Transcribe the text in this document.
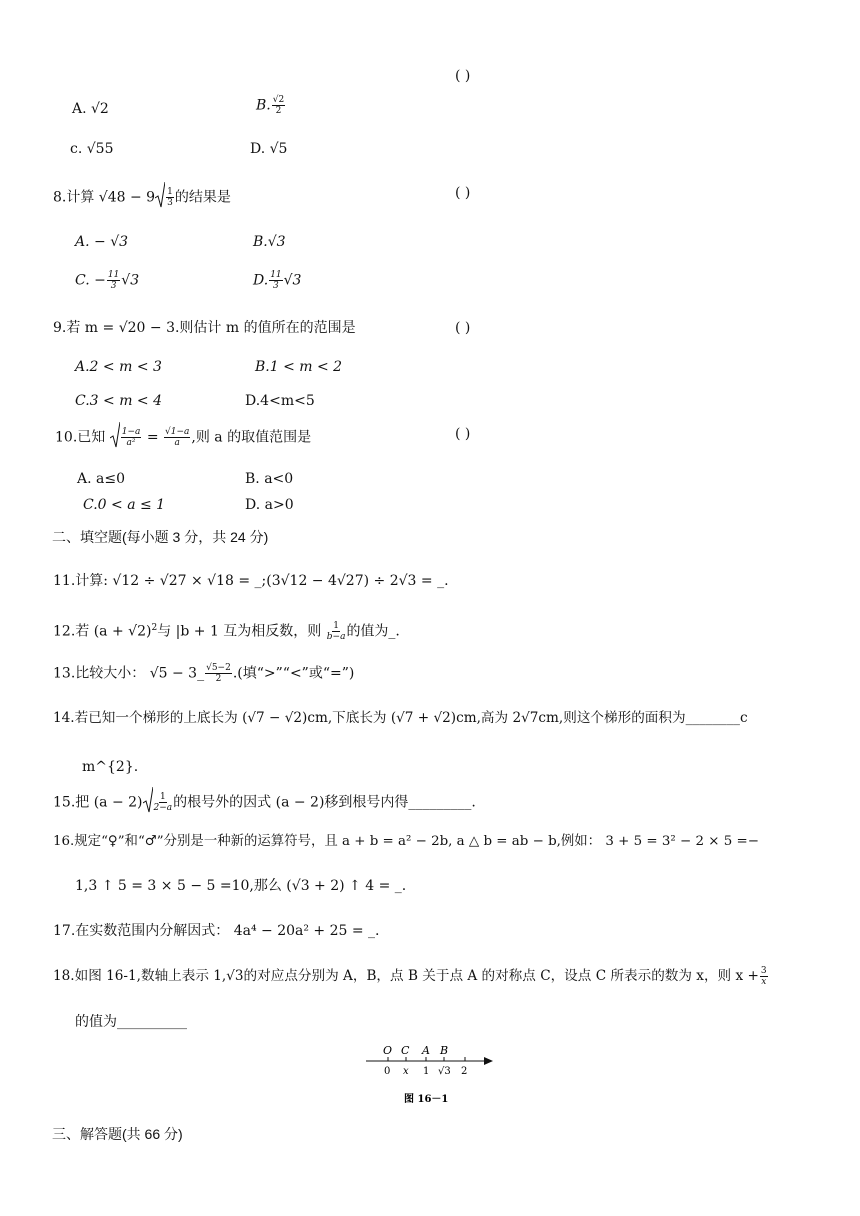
( )
A. √2	B. $\frac{√2}{2}$
c. √55	D. √5
8.计算 $√48 - 9 \frac{1}{3}$ 的结果是	( )
A. − √3	B.√3
C. − $\frac{11}{3} √3$	D. $\frac{11}{3} √3$
9.若 m = √20 − 3.则估计 m 的值所在的范围是	( )
A.2 < m < 3	B.1 < m < 2
C.3 < m < 4	D.4<m<5
10.已知 $\frac{1-a}{\text{a²}} = \frac{√1-a}{a}$ ,则 a 的取值范围是	( )
A. a≤0	B. a<0
C.0 < a ≤ 1	D. a>0
二、填空题(每小题 3 分，共 24 分)
11.计算: √12 ÷ √27 × √18 = _;(3√12 − 4√27) ÷ 2√3 = _.
12.若 $(a + √2)^2$与 |b + 1 互为相反数，则 $\frac{1}{b-a}$ 的值为_.
13.比较大小： √5 − 3_ $\frac{√5-2}{2}$ .(填“>”“<”或“=”)
14.若已知一个梯形的上底长为 (√7 − √2)cm,下底长为 (√7 + √2)cm,高为 2√7cm,则这个梯形的面积为________c
m^{2}.
15.把 $(a - 2) \frac{1}{2-a}$ 的根号外的因式 (a − 2)移到根号内得_________.
16.规定“♀”和“♂”分别是一种新的运算符号，且 a + b = a² − 2b, a △ b = ab − b,例如： 3 + 5 = 3² − 2 × 5 =−
1,3 ↑ 5 = 3 × 5 − 5 =10,那么 (√3 + 2) ↑ 4 = _.
17.在实数范围内分解因式： 4a⁴ − 20a² + 25 = _.
18.如图 16-1,数轴上表示 1,√3的对应点分别为 A，B，点 B 关于点 A 的对称点 C，设点 C 所表示的数为 x，则 $x + \frac{3}{x}$
的值为__________
O C A B
0 x 1 √3 2
图 16－1
三、解答题(共 66 分)
